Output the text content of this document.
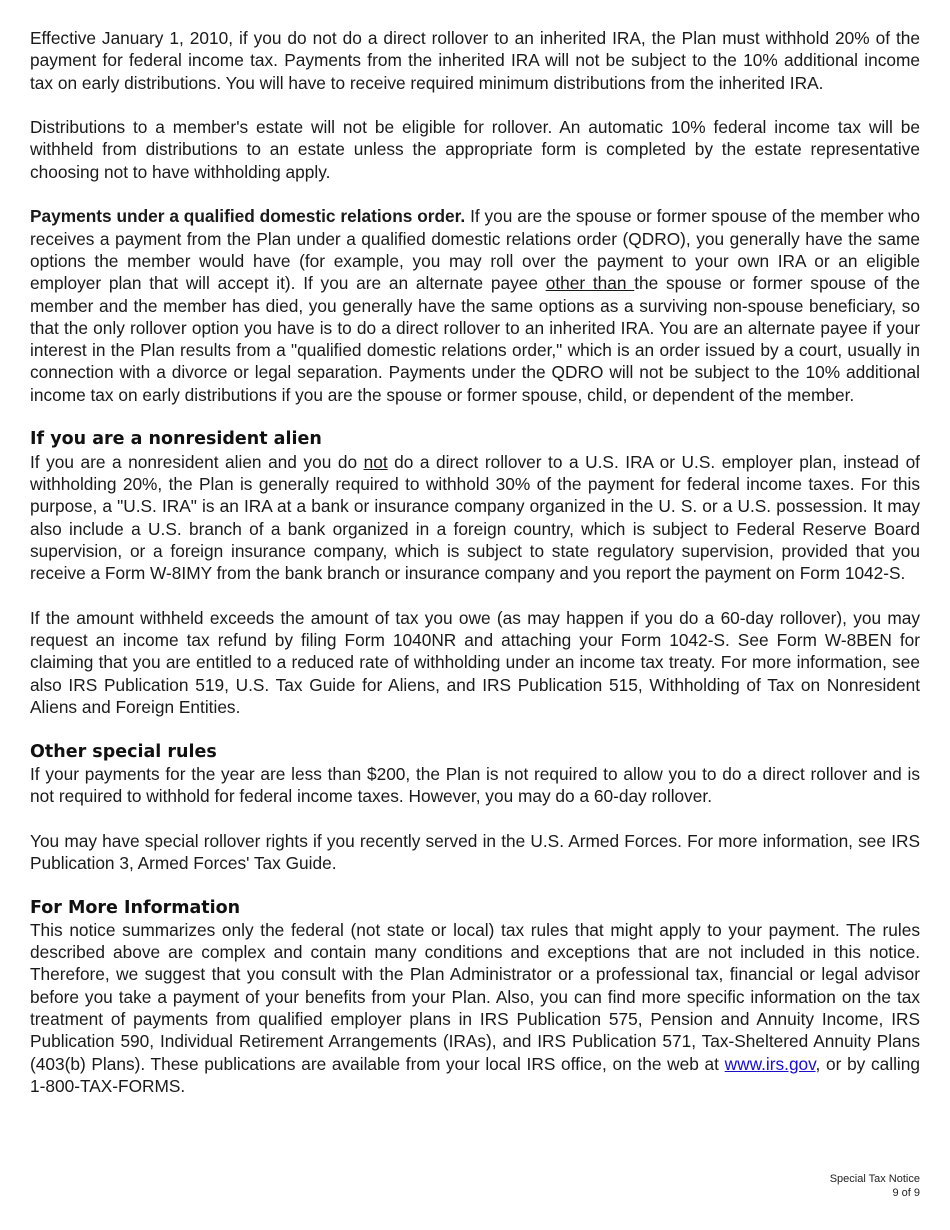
Effective January 1, 2010, if you do not do a direct rollover to an inherited IRA, the Plan must withhold 20% of the payment for federal income tax. Payments from the inherited IRA will not be subject to the 10% additional income tax on early distributions. You will have to receive required minimum distributions from the inherited IRA.

Distributions to a member's estate will not be eligible for rollover. An automatic 10% federal income tax will be withheld from distributions to an estate unless the appropriate form is completed by the estate representative choosing not to have withholding apply.

Payments under a qualified domestic relations order. If you are the spouse or former spouse of the member who receives a payment from the Plan under a qualified domestic relations order (QDRO), you generally have the same options the member would have (for example, you may roll over the payment to your own IRA or an eligible employer plan that will accept it). If you are an alternate payee other than the spouse or former spouse of the member and the member has died, you generally have the same options as a surviving non-spouse beneficiary, so that the only rollover option you have is to do a direct rollover to an inherited IRA. You are an alternate payee if your interest in the Plan results from a "qualified domestic relations order," which is an order issued by a court, usually in connection with a divorce or legal separation. Payments under the QDRO will not be subject to the 10% additional income tax on early distributions if you are the spouse or former spouse, child, or dependent of the member.

If you are a nonresident alien

If you are a nonresident alien and you do not do a direct rollover to a U.S. IRA or U.S. employer plan, instead of withholding 20%, the Plan is generally required to withhold 30% of the payment for federal income taxes. For this purpose, a "U.S. IRA" is an IRA at a bank or insurance company organized in the U. S. or a U.S. possession. It may also include a U.S. branch of a bank organized in a foreign country, which is subject to Federal Reserve Board supervision, or a foreign insurance company, which is subject to state regulatory supervision, provided that you receive a Form W-8IMY from the bank branch or insurance company and you report the payment on Form 1042-S.

If the amount withheld exceeds the amount of tax you owe (as may happen if you do a 60-day rollover), you may request an income tax refund by filing Form 1040NR and attaching your Form 1042-S. See Form W-8BEN for claiming that you are entitled to a reduced rate of withholding under an income tax treaty. For more information, see also IRS Publication 519, U.S. Tax Guide for Aliens, and IRS Publication 515, Withholding of Tax on Nonresident Aliens and Foreign Entities.

Other special rules

If your payments for the year are less than $200, the Plan is not required to allow you to do a direct rollover and is not required to withhold for federal income taxes. However, you may do a 60-day rollover.

You may have special rollover rights if you recently served in the U.S. Armed Forces. For more information, see IRS Publication 3, Armed Forces' Tax Guide.

For More Information

This notice summarizes only the federal (not state or local) tax rules that might apply to your payment. The rules described above are complex and contain many conditions and exceptions that are not included in this notice. Therefore, we suggest that you consult with the Plan Administrator or a professional tax, financial or legal advisor before you take a payment of your benefits from your Plan. Also, you can find more specific information on the tax treatment of payments from qualified employer plans in IRS Publication 575, Pension and Annuity Income, IRS Publication 590, Individual Retirement Arrangements (IRAs), and IRS Publication 571, Tax-Sheltered Annuity Plans (403(b) Plans). These publications are available from your local IRS office, on the web at www.irs.gov, or by calling 1-800-TAX-FORMS.

Special Tax Notice
9 of 9
